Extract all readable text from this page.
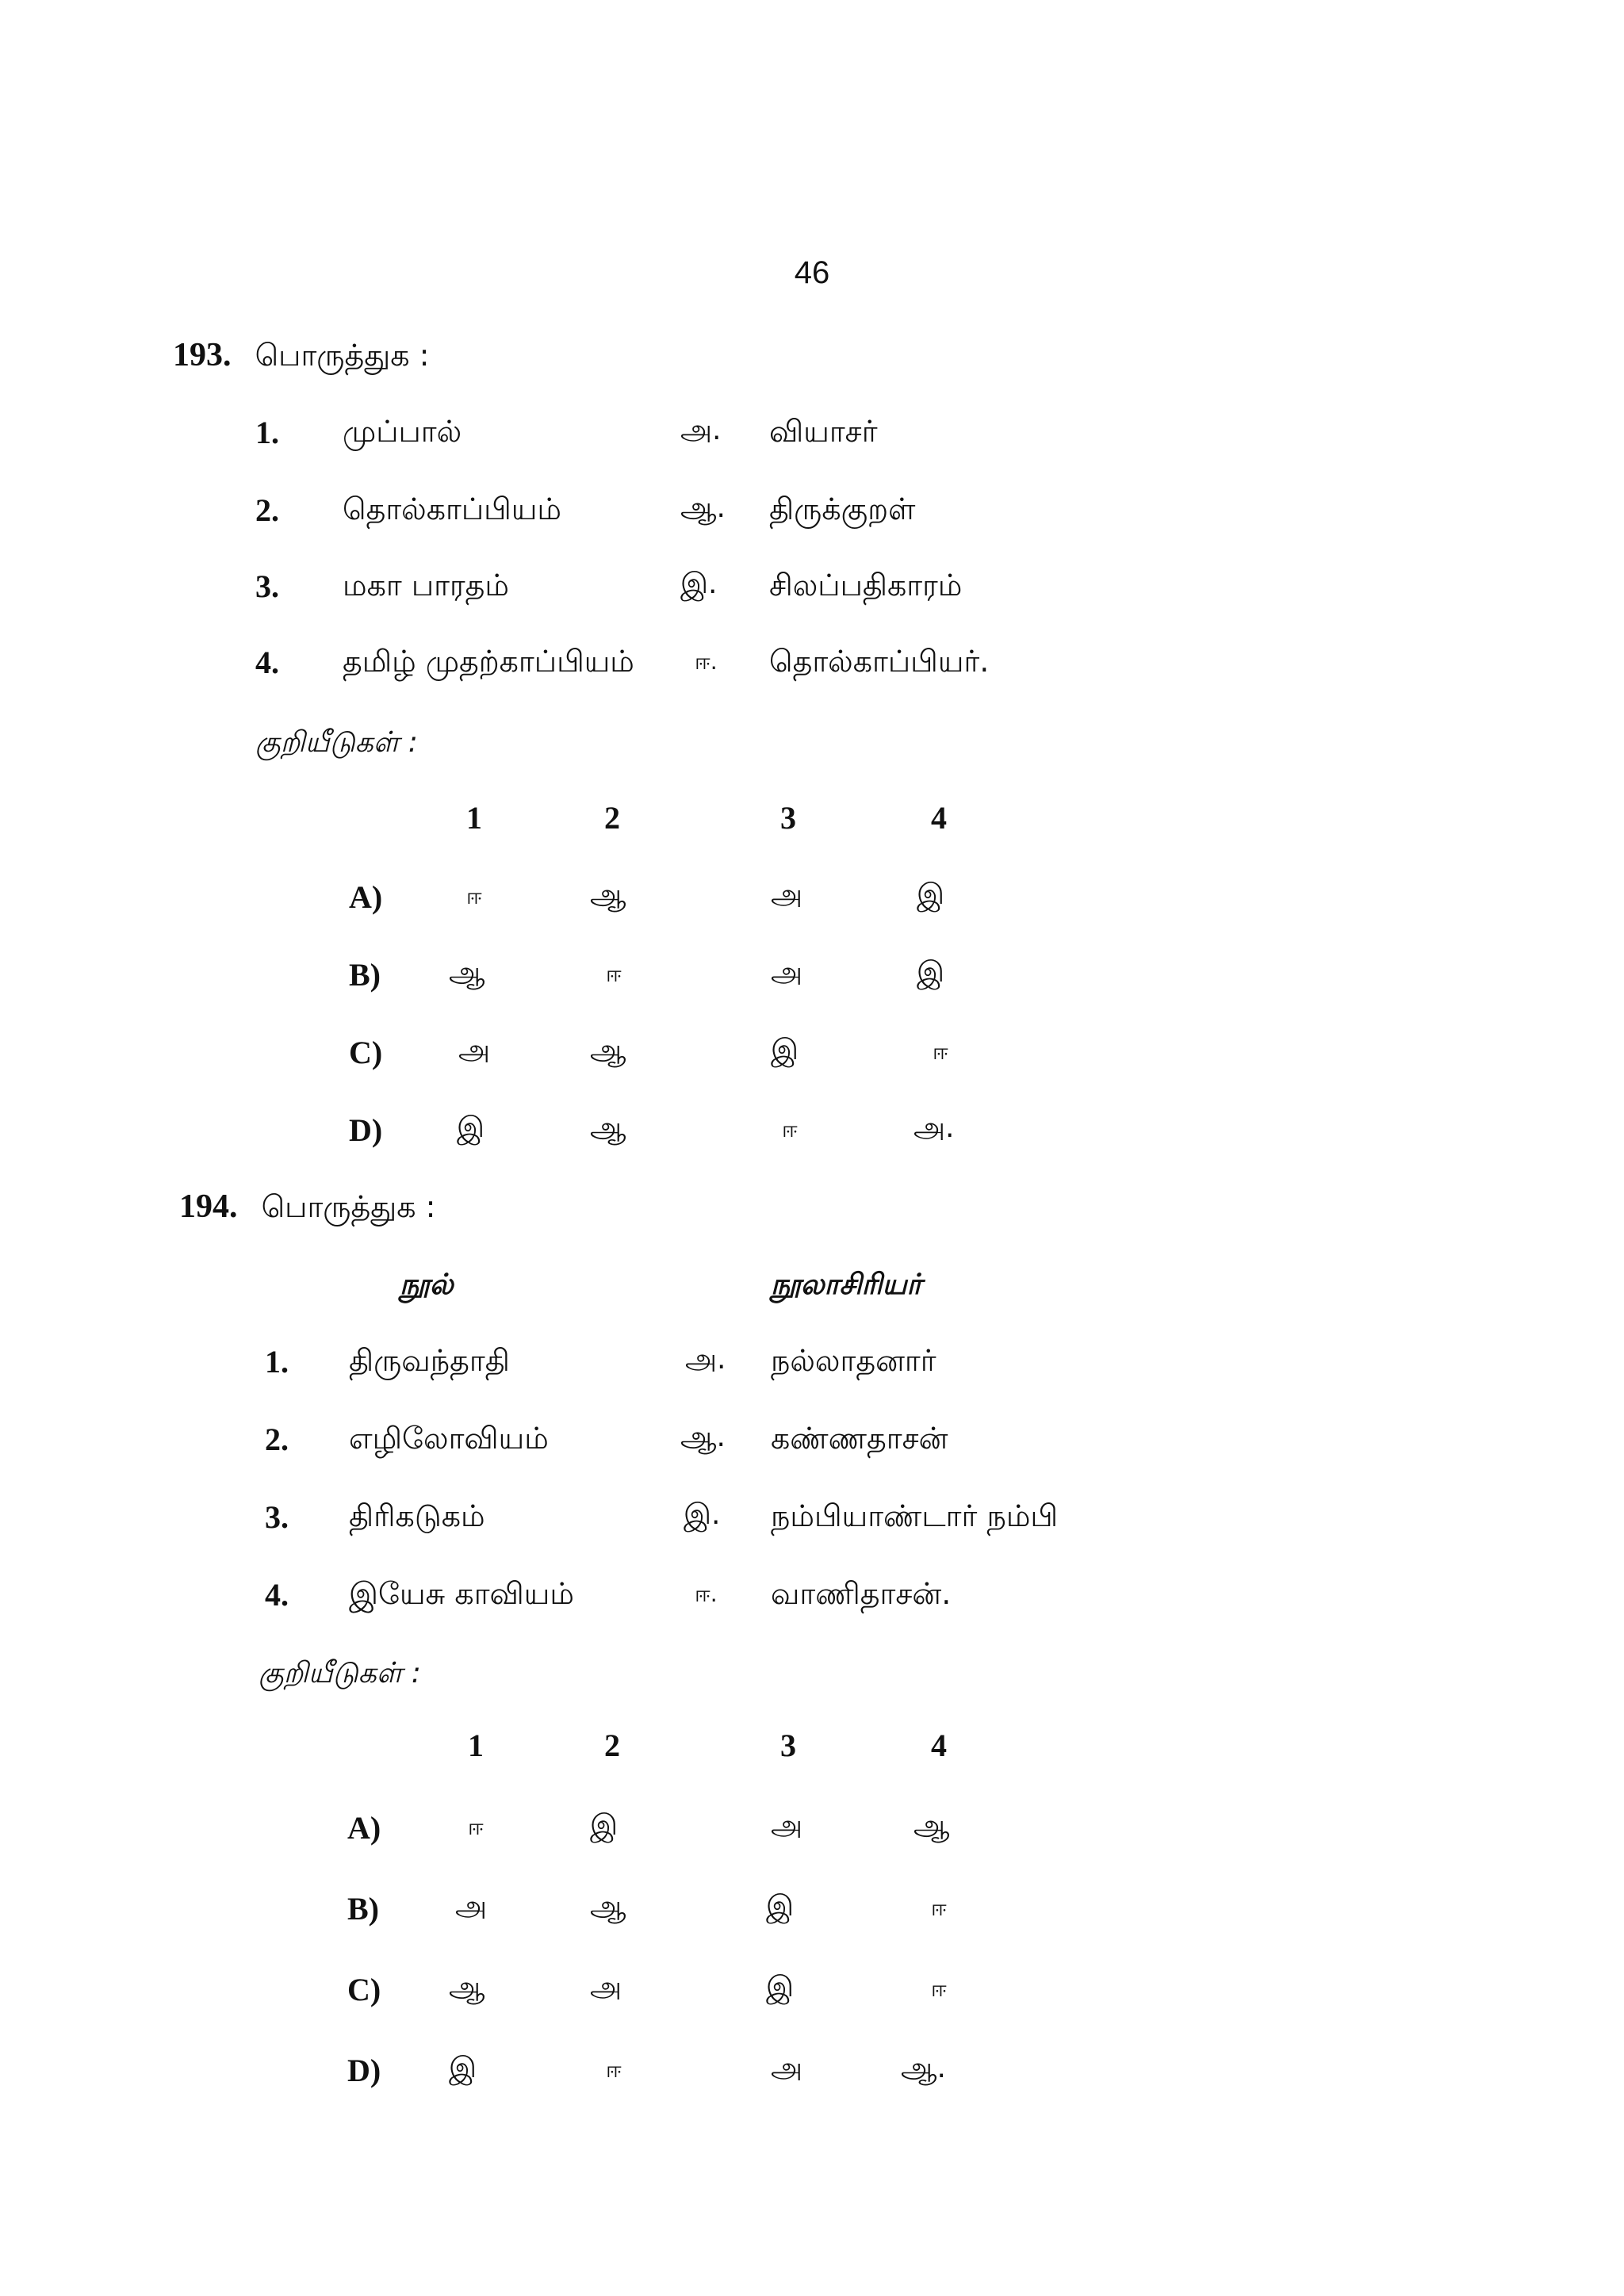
46
193. பொருத்துக :
1. முப்பால்	அ. வியாசர்
2. தொல்காப்பியம்	ஆ. திருக்குறள்
3. மகா பாரதம்	இ. சிலப்பதிகாரம்
4. தமிழ் முதற்காப்பியம்	ஈ. தொல்காப்பியர்.
குறியீடுகள் :
1	2	3	4
A)	ஈ	ஆ	அ	இ
B) ஆ	ஈ	அ	இ
C)	அ	ஆ	இ	ஈ
D)	இ	ஆ	ஈ	அ.
194. பொருத்துக :
நூல்	நூலாசிரியர்
1. திருவந்தாதி	அ. நல்லாதனார்
2. எழிலோவியம்	ஆ. கண்ணதாசன்
3. திரிகடுகம்	இ. நம்பியாண்டார் நம்பி
4. இயேசு காவியம்	ஈ. வாணிதாசன்.
குறியீடுகள் :
1	2	3	4
A)	ஈ	இ	அ	ஆ
B)	அ	ஆ	இ	ஈ
C) ஆ	அ	இ	ஈ
D) இ	ஈ	அ	ஆ.
